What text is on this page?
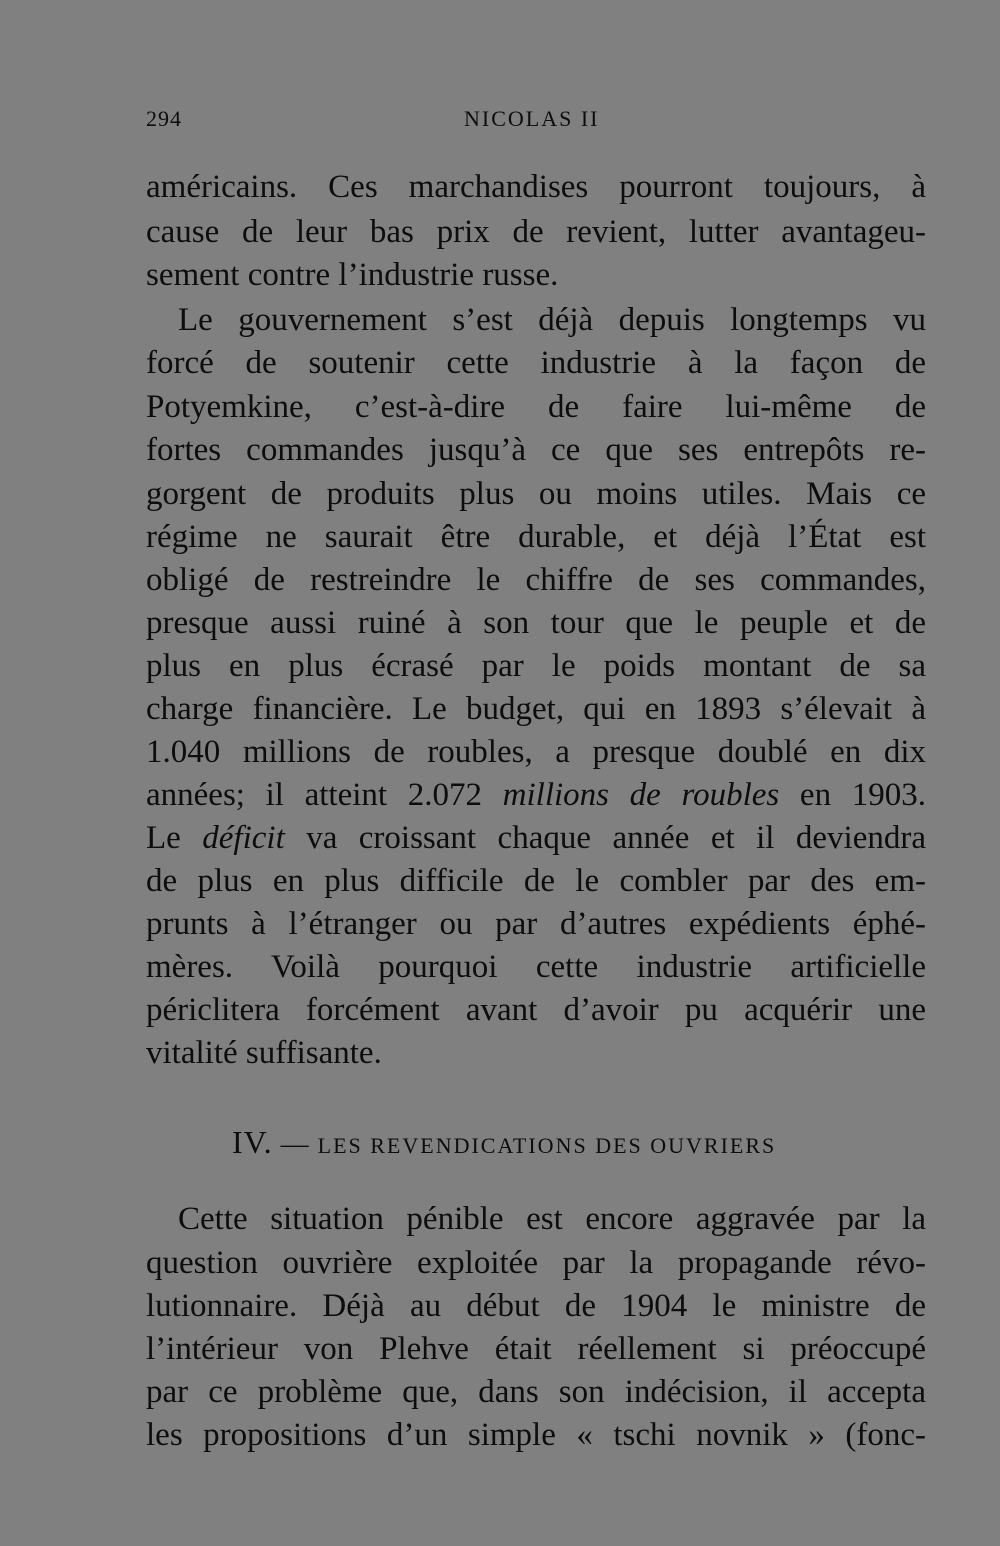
294	NICOLAS II
américains. Ces marchandises pourront toujours, à
cause de leur bas prix de revient, lutter avantageu-
sement contre l’industrie russe.
Le gouvernement s’est déjà depuis longtemps vu
forcé de soutenir cette industrie à la façon de
Potyemkine, c’est-à-dire de faire lui-même de
fortes commandes jusqu’à ce que ses entrepôts re-
gorgent de produits plus ou moins utiles. Mais ce
régime ne saurait être durable, et déjà l’État est
obligé de restreindre le chiffre de ses commandes,
presque aussi ruiné à son tour que le peuple et de
plus en plus écrasé par le poids montant de sa
charge financière. Le budget, qui en 1893 s’élevait à
1.040 millions de roubles, a presque doublé en dix
années; il atteint 2.072 millions de roubles en 1903.
Le déficit va croissant chaque année et il deviendra
de plus en plus difficile de le combler par des em-
prunts à l’étranger ou par d’autres expédients éphé-
mères. Voilà pourquoi cette industrie artificielle
périclitera forcément avant d’avoir pu acquérir une
vitalité suffisante.
IV. — LES REVENDICATIONS DES OUVRIERS
Cette situation pénible est encore aggravée par la
question ouvrière exploitée par la propagande révo-
lutionnaire. Déjà au début de 1904 le ministre de
l’intérieur von Plehve était réellement si préoccupé
par ce problème que, dans son indécision, il accepta
les propositions d’un simple « tschi novnik » (fonc-
